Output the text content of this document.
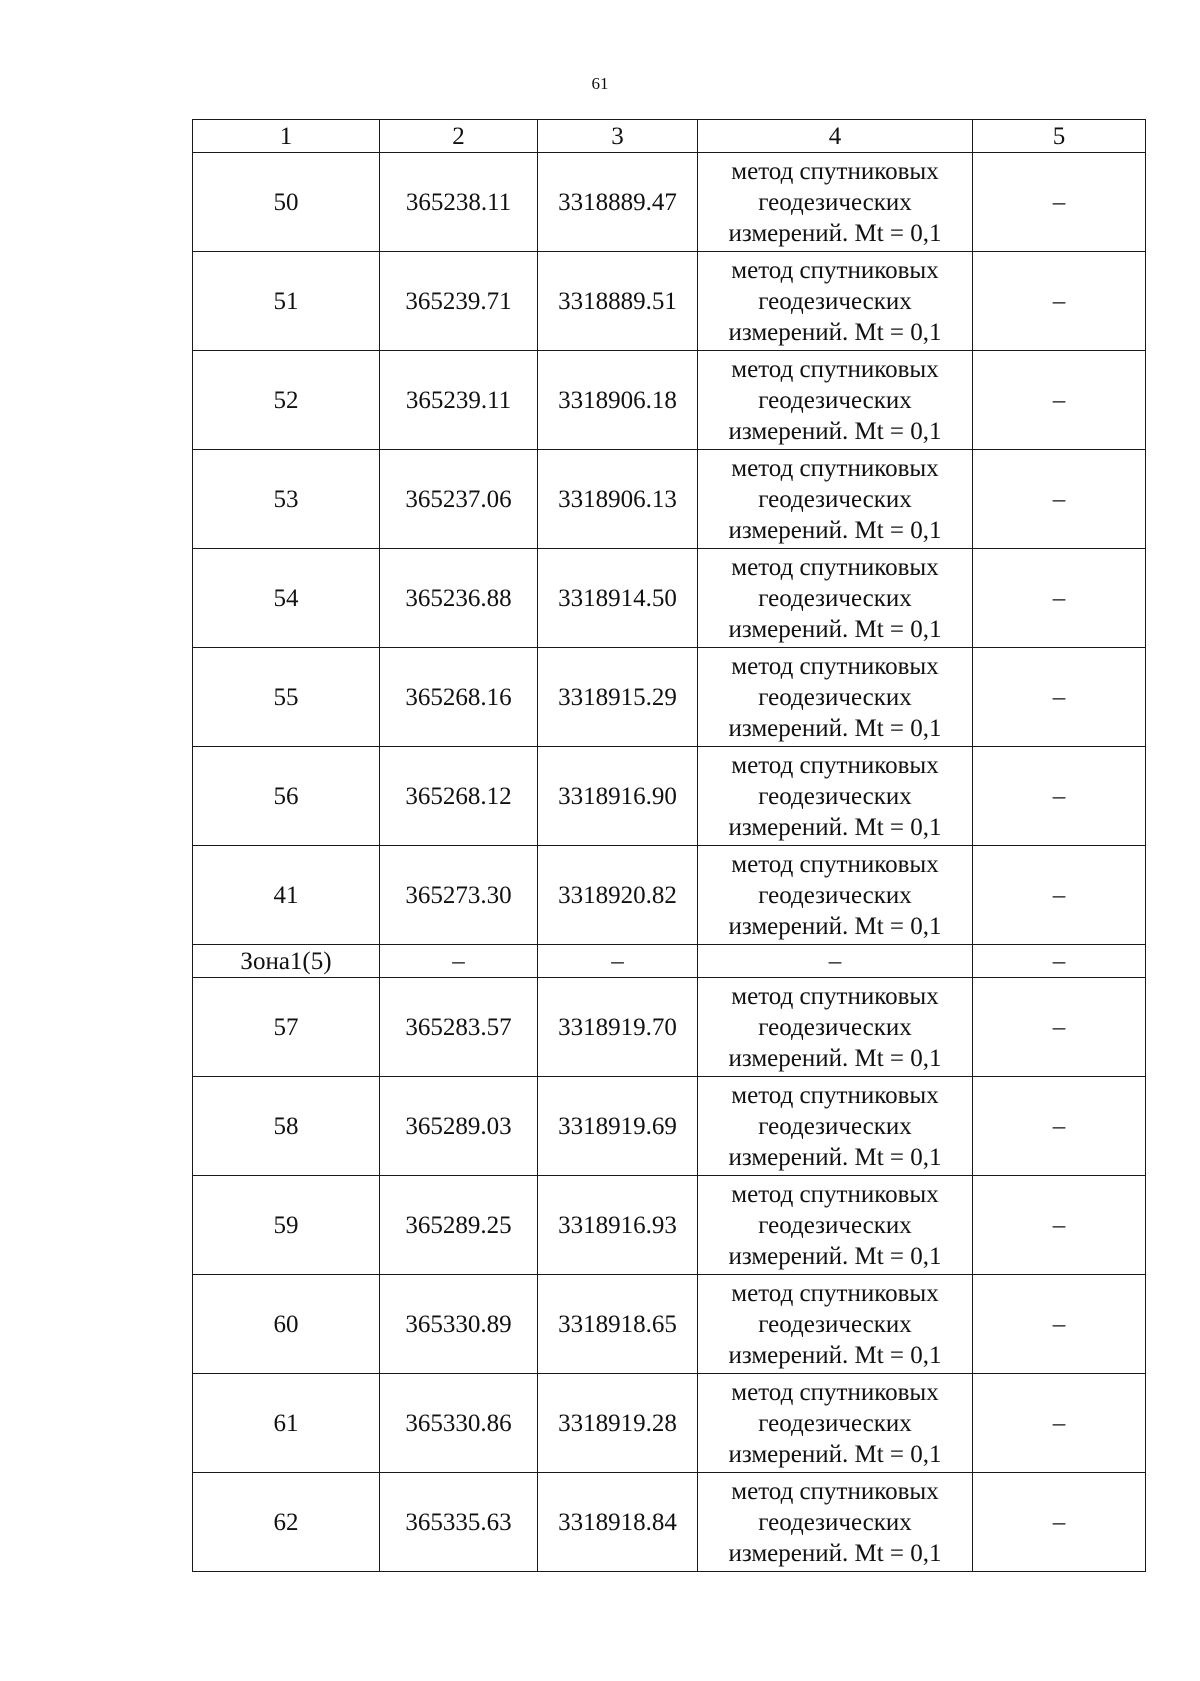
61
1	2	3	4	5
50	365238.11	3318889.47	метод спутниковых геодезических измерений. Mt = 0,1	–
51	365239.71	3318889.51	метод спутниковых геодезических измерений. Mt = 0,1	–
52	365239.11	3318906.18	метод спутниковых геодезических измерений. Mt = 0,1	–
53	365237.06	3318906.13	метод спутниковых геодезических измерений. Mt = 0,1	–
54	365236.88	3318914.50	метод спутниковых геодезических измерений. Mt = 0,1	–
55	365268.16	3318915.29	метод спутниковых геодезических измерений. Mt = 0,1	–
56	365268.12	3318916.90	метод спутниковых геодезических измерений. Mt = 0,1	–
41	365273.30	3318920.82	метод спутниковых геодезических измерений. Mt = 0,1	–
Зона1(5)	–	–	–	–
57	365283.57	3318919.70	метод спутниковых геодезических измерений. Mt = 0,1	–
58	365289.03	3318919.69	метод спутниковых геодезических измерений. Mt = 0,1	–
59	365289.25	3318916.93	метод спутниковых геодезических измерений. Mt = 0,1	–
60	365330.89	3318918.65	метод спутниковых геодезических измерений. Mt = 0,1	–
61	365330.86	3318919.28	метод спутниковых геодезических измерений. Mt = 0,1	–
62	365335.63	3318918.84	метод спутниковых геодезических измерений. Mt = 0,1	–
